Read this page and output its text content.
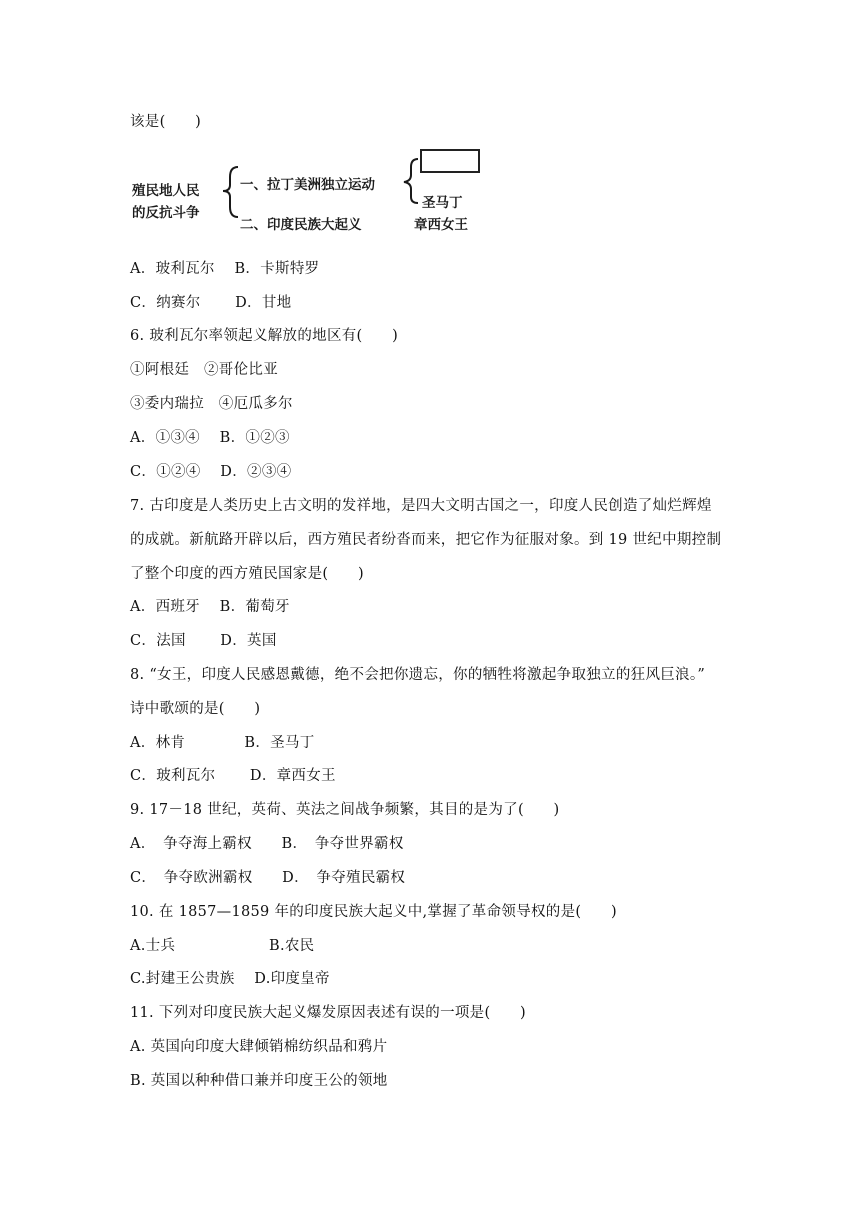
该是(　　)
殖民地人民
的反抗斗争
一、拉丁美洲独立运动
二、印度民族大起义
圣马丁
章西女王
A．玻利瓦尔　 B．卡斯特罗
C．纳赛尔　　 D．甘地
6. 玻利瓦尔率领起义解放的地区有(　　)
①阿根廷　②哥伦比亚
③委内瑞拉　④厄瓜多尔
A．①③④　 B．①②③
C．①②④　 D．②③④
7. 古印度是人类历史上古文明的发祥地，是四大文明古国之一，印度人民创造了灿烂辉煌
的成就。新航路开辟以后，西方殖民者纷沓而来，把它作为征服对象。到 19 世纪中期控制
了整个印度的西方殖民国家是(　　)
A．西班牙　 B．葡萄牙
C．法国　　 D．英国
8. “女王，印度人民感恩戴德，绝不会把你遗忘，你的牺牲将激起争取独立的狂风巨浪。”
诗中歌颂的是(　　)
A．林肯　　　　B．圣马丁
C．玻利瓦尔　　 D．章西女王
9. 17－18 世纪，英荷、英法之间战争频繁，其目的是为了(　　)
A．　争夺海上霸权　　B．　争夺世界霸权
C．　争夺欧洲霸权　　D．　争夺殖民霸权
10. 在 1857—1859 年的印度民族大起义中,掌握了革命领导权的是(　　)
A.士兵　　　　　　 B.农民
C.封建王公贵族　 D.印度皇帝
11. 下列对印度民族大起义爆发原因表述有误的一项是(　　)
A. 英国向印度大肆倾销棉纺织品和鸦片
B. 英国以种种借口兼并印度王公的领地
